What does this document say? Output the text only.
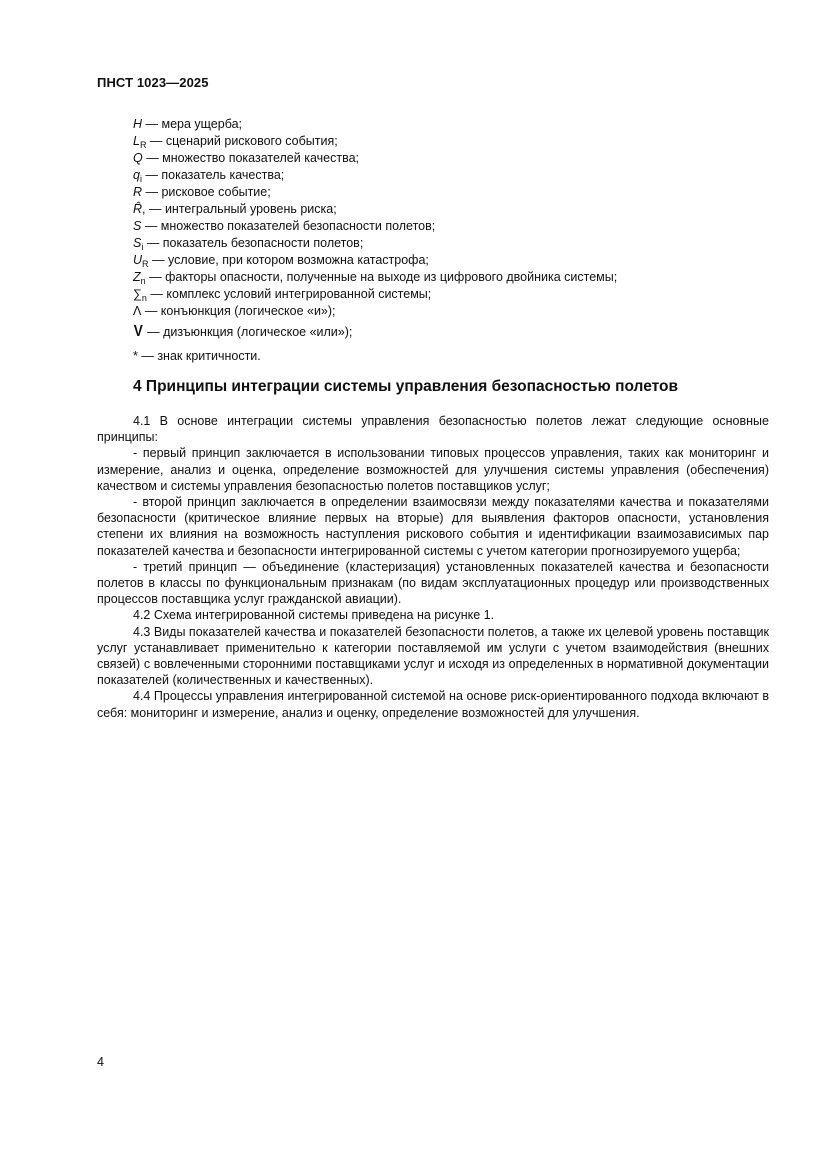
ПНСТ 1023—2025
H — мера ущерба;
$L_R$ — сценарий рискового события;
Q — множество показателей качества;
$q_i$ — показатель качества;
R — рисковое событие;
R̂, — интегральный уровень риска;
S — множество показателей безопасности полетов;
$S_i$ — показатель безопасности полетов;
$U_R$ — условие, при котором возможна катастрофа;
$Z_n$ — факторы опасности, полученные на выходе из цифрового двойника системы;
$\sum_n$ — комплекс условий интегрированной системы;
Λ — конъюнкция (логическое «и»);
V — дизъюнкция (логическое «или»);
* — знак критичности.
4 Принципы интеграции системы управления безопасностью полетов

4.1 В основе интеграции системы управления безопасностью полетов лежат следующие основные принципы:

- первый принцип заключается в использовании типовых процессов управления, таких как мониторинг и измерение, анализ и оценка, определение возможностей для улучшения системы управления (обеспечения) качеством и системы управления безопасностью полетов поставщиков услуг;

- второй принцип заключается в определении взаимосвязи между показателями качества и показателями безопасности (критическое влияние первых на вторые) для выявления факторов опасности, установления степени их влияния на возможность наступления рискового события и идентификации взаимозависимых пар показателей качества и безопасности интегрированной системы с учетом категории прогнозируемого ущерба;

- третий принцип — объединение (кластеризация) установленных показателей качества и безопасности полетов в классы по функциональным признакам (по видам эксплуатационных процедур или производственных процессов поставщика услуг гражданской авиации).

4.2 Схема интегрированной системы приведена на рисунке 1.

4.3 Виды показателей качества и показателей безопасности полетов, а также их целевой уровень поставщик услуг устанавливает применительно к категории поставляемой им услуги с учетом взаимодействия (внешних связей) с вовлеченными сторонними поставщиками услуг и исходя из определенных в нормативной документации показателей (количественных и качественных).

4.4 Процессы управления интегрированной системой на основе риск-ориентированного подхода включают в себя: мониторинг и измерение, анализ и оценку, определение возможностей для улучшения.

4
